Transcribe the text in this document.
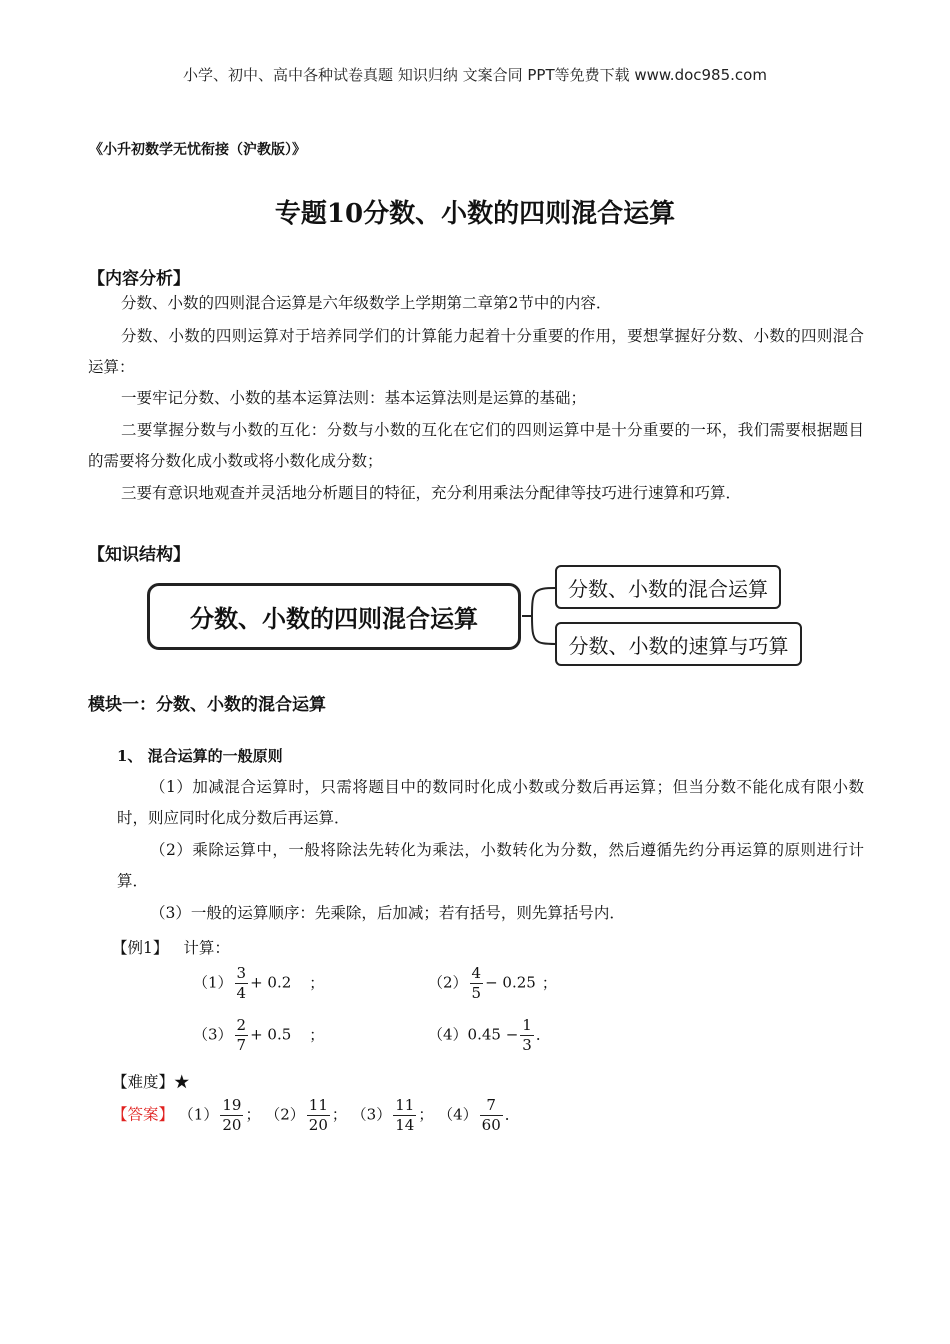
小学、初中、高中各种试卷真题 知识归纳 文案合同 PPT等免费下载 www.doc985.com
《小升初数学无忧衔接（沪教版）》
专题10分数、小数的四则混合运算
【内容分析】
分数、小数的四则混合运算是六年级数学上学期第二章第2节中的内容．
分数、小数的四则运算对于培养同学们的计算能力起着十分重要的作用，要想掌握好分数、小数的四则混合运算：
一要牢记分数、小数的基本运算法则：基本运算法则是运算的基础；
二要掌握分数与小数的互化：分数与小数的互化在它们的四则运算中是十分重要的一环，我们需要根据题目的需要将分数化成小数或将小数化成分数；
三要有意识地观查并灵活地分析题目的特征，充分利用乘法分配律等技巧进行速算和巧算．
【知识结构】
分数、小数的四则混合运算
分数、小数的混合运算
分数、小数的速算与巧算
模块一：分数、小数的混合运算
1、 混合运算的一般原则
（1）加减混合运算时，只需将题目中的数同时化成小数或分数后再运算；但当分数不能化成有限小数时，则应同时化成分数后再运算．
（2）乘除运算中，一般将除法先转化为乘法，小数转化为分数，然后遵循先约分再运算的原则进行计算．
（3）一般的运算顺序：先乘除，后加减；若有括号，则先算括号内．
【例1】 计算：
$(1) \frac{3}{4} + 0.2$ ；	$(2) \frac{4}{5} - 0.25$ ；
$(3) \frac{2}{7} + 0.5$ ；	$(4)0.45 - \frac{1}{3}$ ．
【难度】★
【答案】 $(1) \frac{19}{20}$ ； $(2) \frac{11}{20}$ ； $(3) \frac{11}{14}$ ； $(4) \frac{7}{60}$ ．
